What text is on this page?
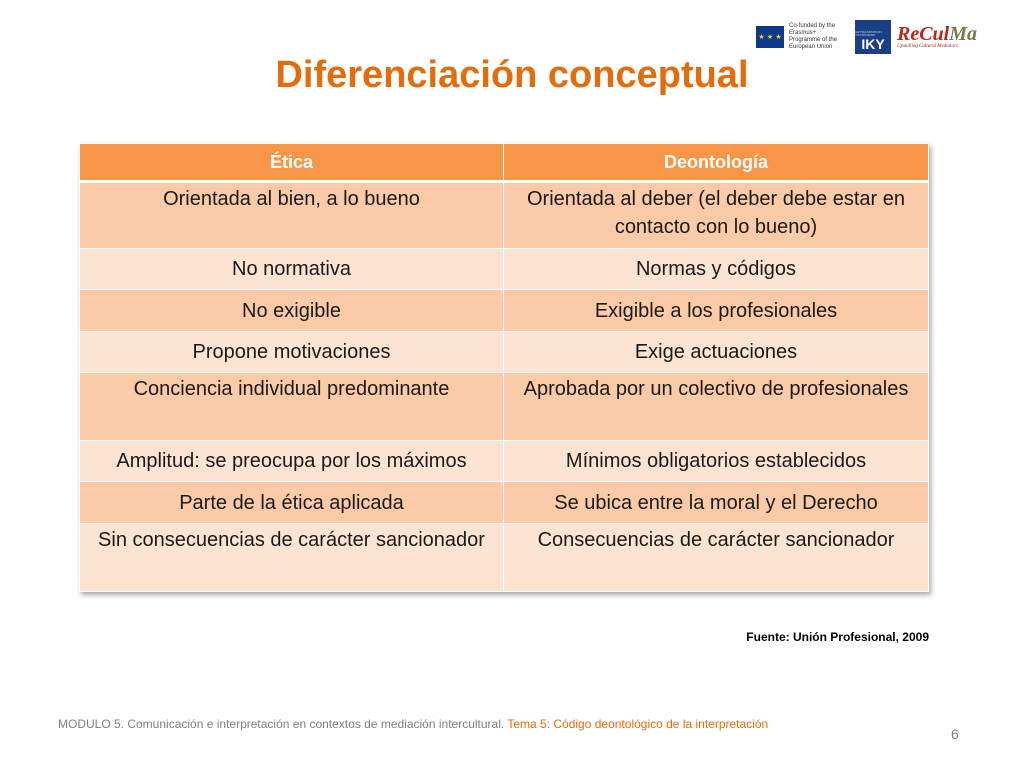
★ ★ ★
Co-funded by the Erasmus+ Programme of the European Union
ΙΔΡΥΜΑ ΚΡΑΤΙΚΩΝ ΥΠΟΤΡΟΦΙΩΝ
IKY ReCulMa
Upskilling Cultural Mediators
Diferenciación conceptual
Ética	Deontología
Orientada al bien, a lo bueno	Orientada al deber (el deber debe estar en contacto con lo bueno)
No normativa	Normas y códigos
No exigible	Exigible a los profesionales
Propone motivaciones	Exige actuaciones
Conciencia individual predominante	Aprobada por un colectivo de profesionales
Amplitud: se preocupa por los máximos	Mínimos obligatorios establecidos
Parte de la ética aplicada	Se ubica entre la moral y el Derecho
Sin consecuencias de carácter sancionador	Consecuencias de carácter sancionador
Fuente: Unión Profesional, 2009
MODULO 5. Comunicación e interpretación en contextos de mediación intercultural. Tema 5: Código deontológico de la interpretación
6
